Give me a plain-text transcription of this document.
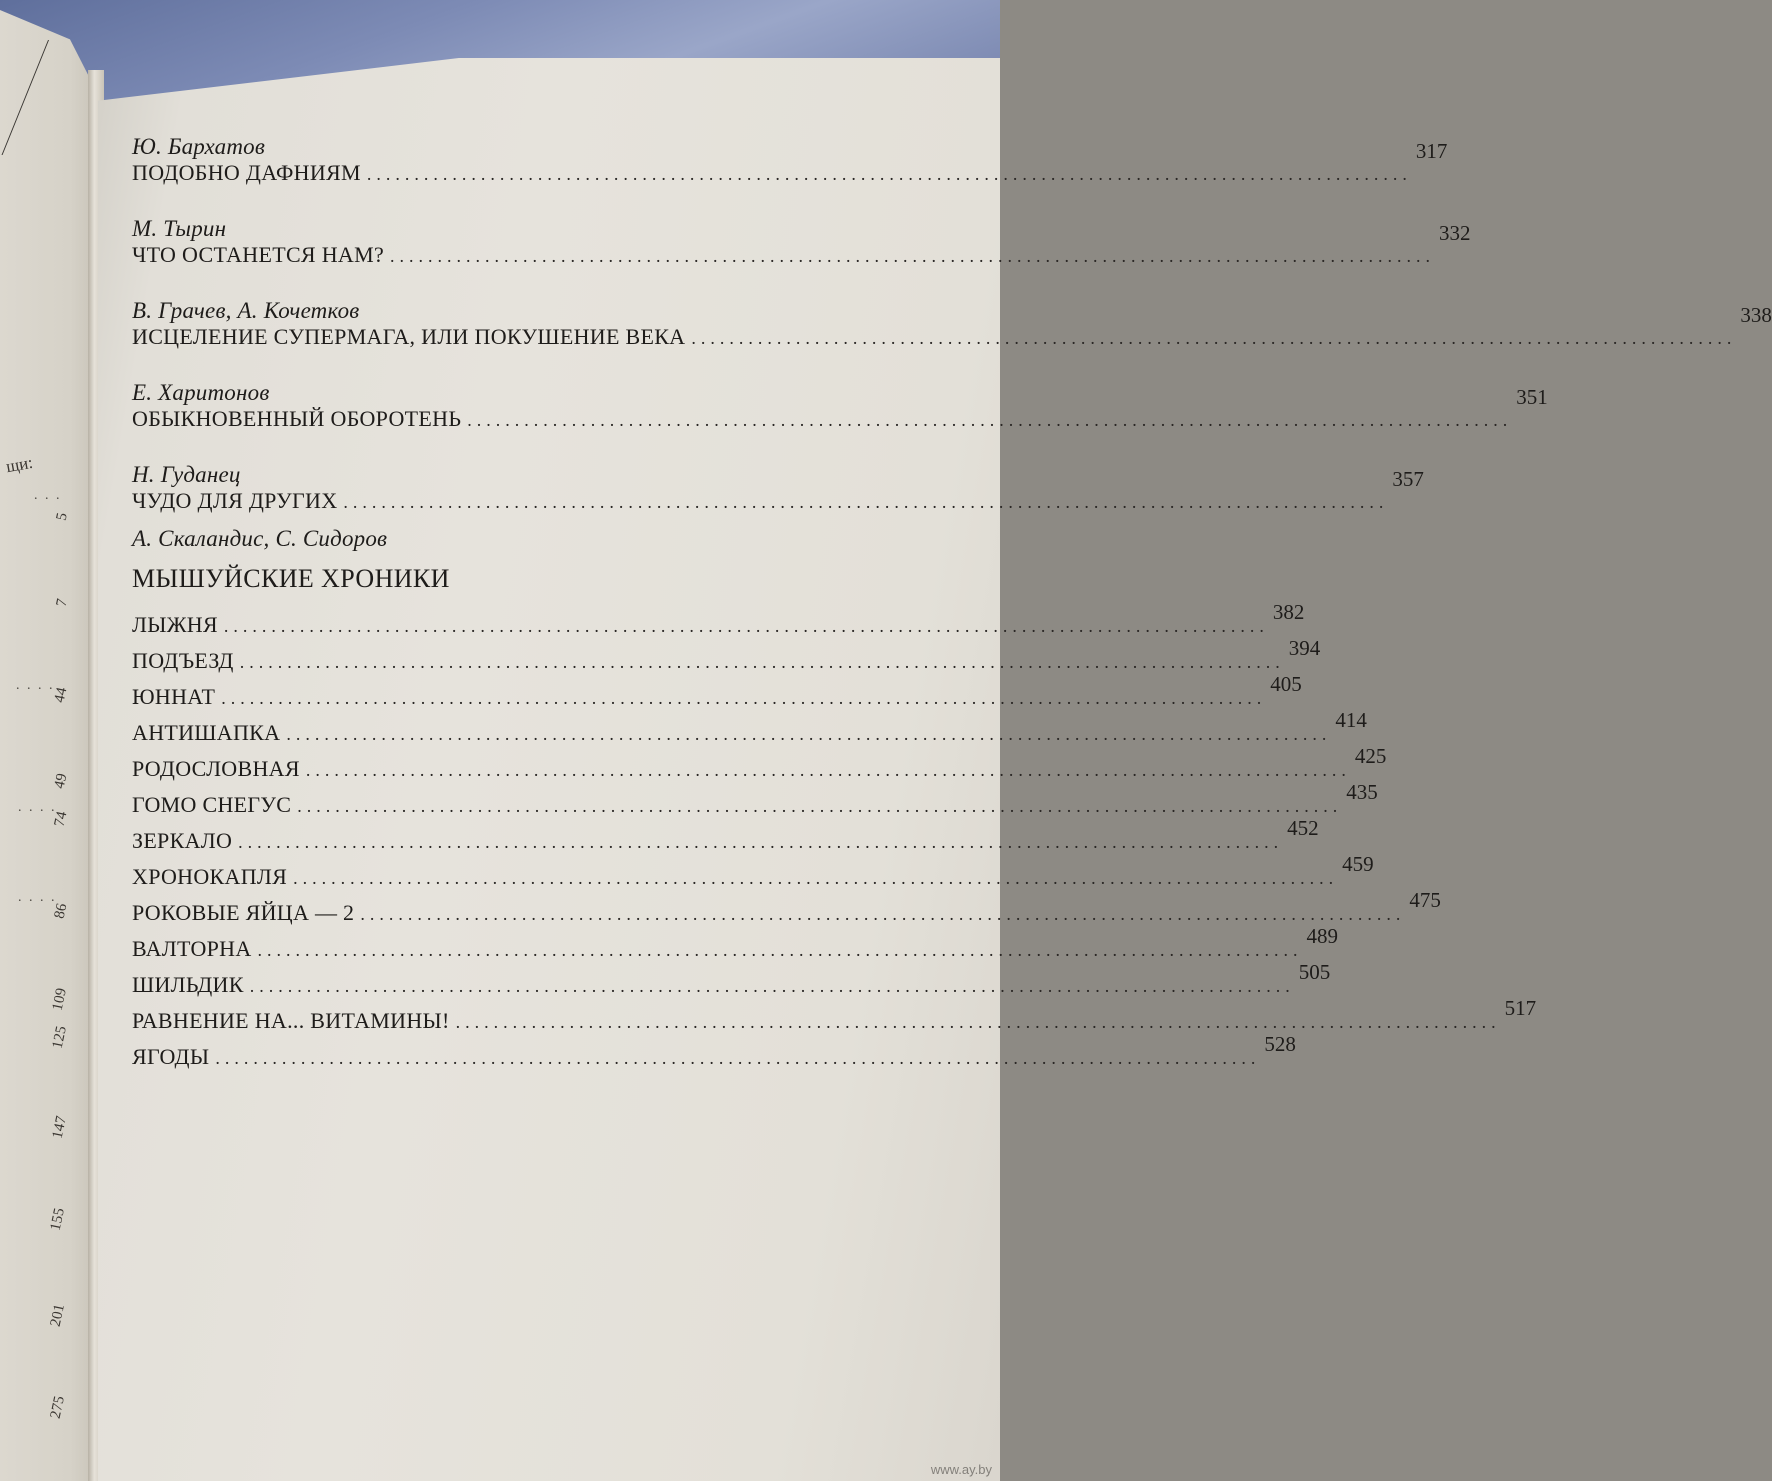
щи:
. . .
5
7
. . . .
44
49
. . . .
74
. . . .
86
109
125
147
155
201
275
Ю. Бархатов
ПОДОБНО ДАФНИЯМ ..............................................................................................................
317
М. Тырин
ЧТО ОСТАНЕТСЯ НАМ? ..............................................................................................................
332
В. Грачев, А. Кочетков
ИСЦЕЛЕНИЕ СУПЕРМАГА, ИЛИ ПОКУШЕНИЕ ВЕКА ..............................................................................................................
338
Е. Харитонов
ОБЫКНОВЕННЫЙ ОБОРОТЕНЬ ..............................................................................................................
351
Н. Гуданец
ЧУДО ДЛЯ ДРУГИХ ..............................................................................................................
357
А. Скаландис, С. Сидоров
МЫШУЙСКИЕ ХРОНИКИ
ЛЫЖНЯ ..............................................................................................................
382
ПОДЪЕЗД ..............................................................................................................
394
ЮННАТ ..............................................................................................................
405
АНТИШАПКА ..............................................................................................................
414
РОДОСЛОВНАЯ ..............................................................................................................
425
ГОМО СНЕГУС ..............................................................................................................
435
ЗЕРКАЛО ..............................................................................................................
452
ХРОНОКАПЛЯ ..............................................................................................................
459
РОКОВЫЕ ЯЙЦА — 2 ..............................................................................................................
475
ВАЛТОРНА ..............................................................................................................
489
ШИЛЬДИК ..............................................................................................................
505
РАВНЕНИЕ НА... ВИТАМИНЫ! ..............................................................................................................
517
ЯГОДЫ ..............................................................................................................
528
www.ay.by
